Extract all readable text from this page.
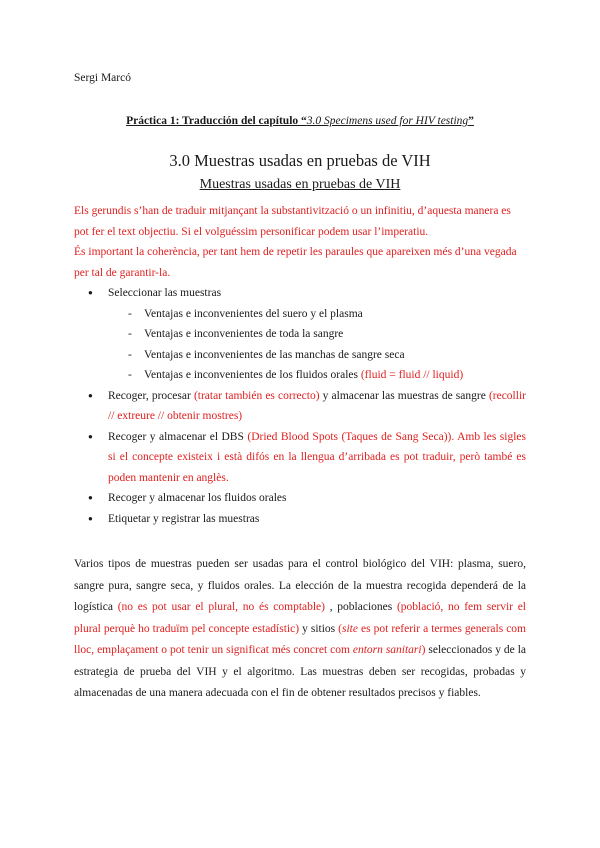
Sergi Marcó
Práctica 1: Traducción del capítulo “3.0 Specimens used for HIV testing”
3.0 Muestras usadas en pruebas de VIH
Muestras usadas en pruebas de VIH

Els gerundis s’han de traduir mitjançant la substantivització o un infinitiu, d’aquesta manera es pot fer el text objectiu. Si el volguéssim personificar podem usar l’imperatiu.

És important la coherència, per tant hem de repetir les paraules que apareixen més d’una vegada per tal de garantir-la.

● Seleccionar las muestras
- Ventajas e inconvenientes del suero y el plasma
- Ventajas e inconvenientes de toda la sangre
- Ventajas e inconvenientes de las manchas de sangre seca
- Ventajas e inconvenientes de los fluidos orales (fluid = fluid // liquid)
● Recoger, procesar (tratar también es correcto) y almacenar las muestras de sangre (recollir // extreure // obtenir mostres)
● Recoger y almacenar el DBS (Dried Blood Spots (Taques de Sang Seca)). Amb les sigles si el concepte existeix i està difós en la llengua d’arribada es pot traduir, però també es poden mantenir en anglès.
● Recoger y almacenar los fluidos orales
● Etiquetar y registrar las muestras
Varios tipos de muestras pueden ser usadas para el control biológico del VIH: plasma, suero, sangre pura, sangre seca, y fluidos orales. La elección de la muestra recogida dependerá de la logística (no es pot usar el plural, no és comptable) , poblaciones (població, no fem servir el plural perquè ho traduïm pel concepte estadístic) y sitios (site es pot referir a termes generals com lloc, emplaçament o pot tenir un significat més concret com entorn sanitari) seleccionados y de la estrategia de prueba del VIH y el algoritmo. Las muestras deben ser recogidas, probadas y almacenadas de una manera adecuada con el fin de obtener resultados precisos y fiables.
